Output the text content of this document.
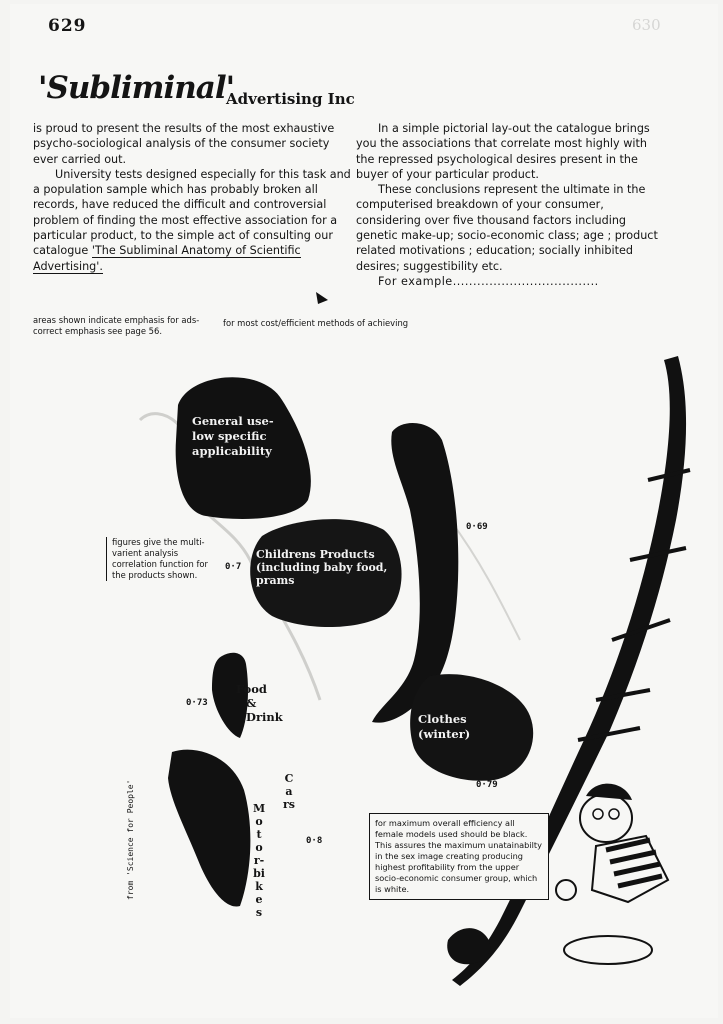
629	630
'Subliminal'
Advertising Inc

is proud to present the results of the most exhaustive psycho-sociological analysis of the consumer society ever carried out.

University tests designed especially for this task and a population sample which has probably broken all records, have reduced the difficult and controversial problem of finding the most effective association for a particular product, to the simple act of consulting our catalogue 'The Subliminal Anatomy of Scientific Advertising'.

In a simple pictorial lay-out the catalogue brings you the associations that correlate most highly with the repressed psychological desires present in the buyer of your particular product.

These conclusions represent the ultimate in the computerised breakdown of your consumer, considering over five thousand factors including genetic make-up; socio-economic class; age ; product related motivations ; education; socially inhibited desires; suggestibility etc.

For example....................................

areas shown indicate emphasis for ads- correct emphasis see page 56.
for most cost/efficient methods of achieving
General use- low specific applicability
Childrens Products (including baby food, prams
0·7
0·69
0·73
0·79
0·8
Food
&
Drink	Clothes (winter)
Cars
Motor-bikes
figures give the multi-varient analysis correlation function for the products shown.
for maximum overall efficiency all female models used should be black. This assures the maximum unatainabilty in the sex image creating producing highest profitability from the upper socio-economic consumer group, which is white.
from 'Science for People'
